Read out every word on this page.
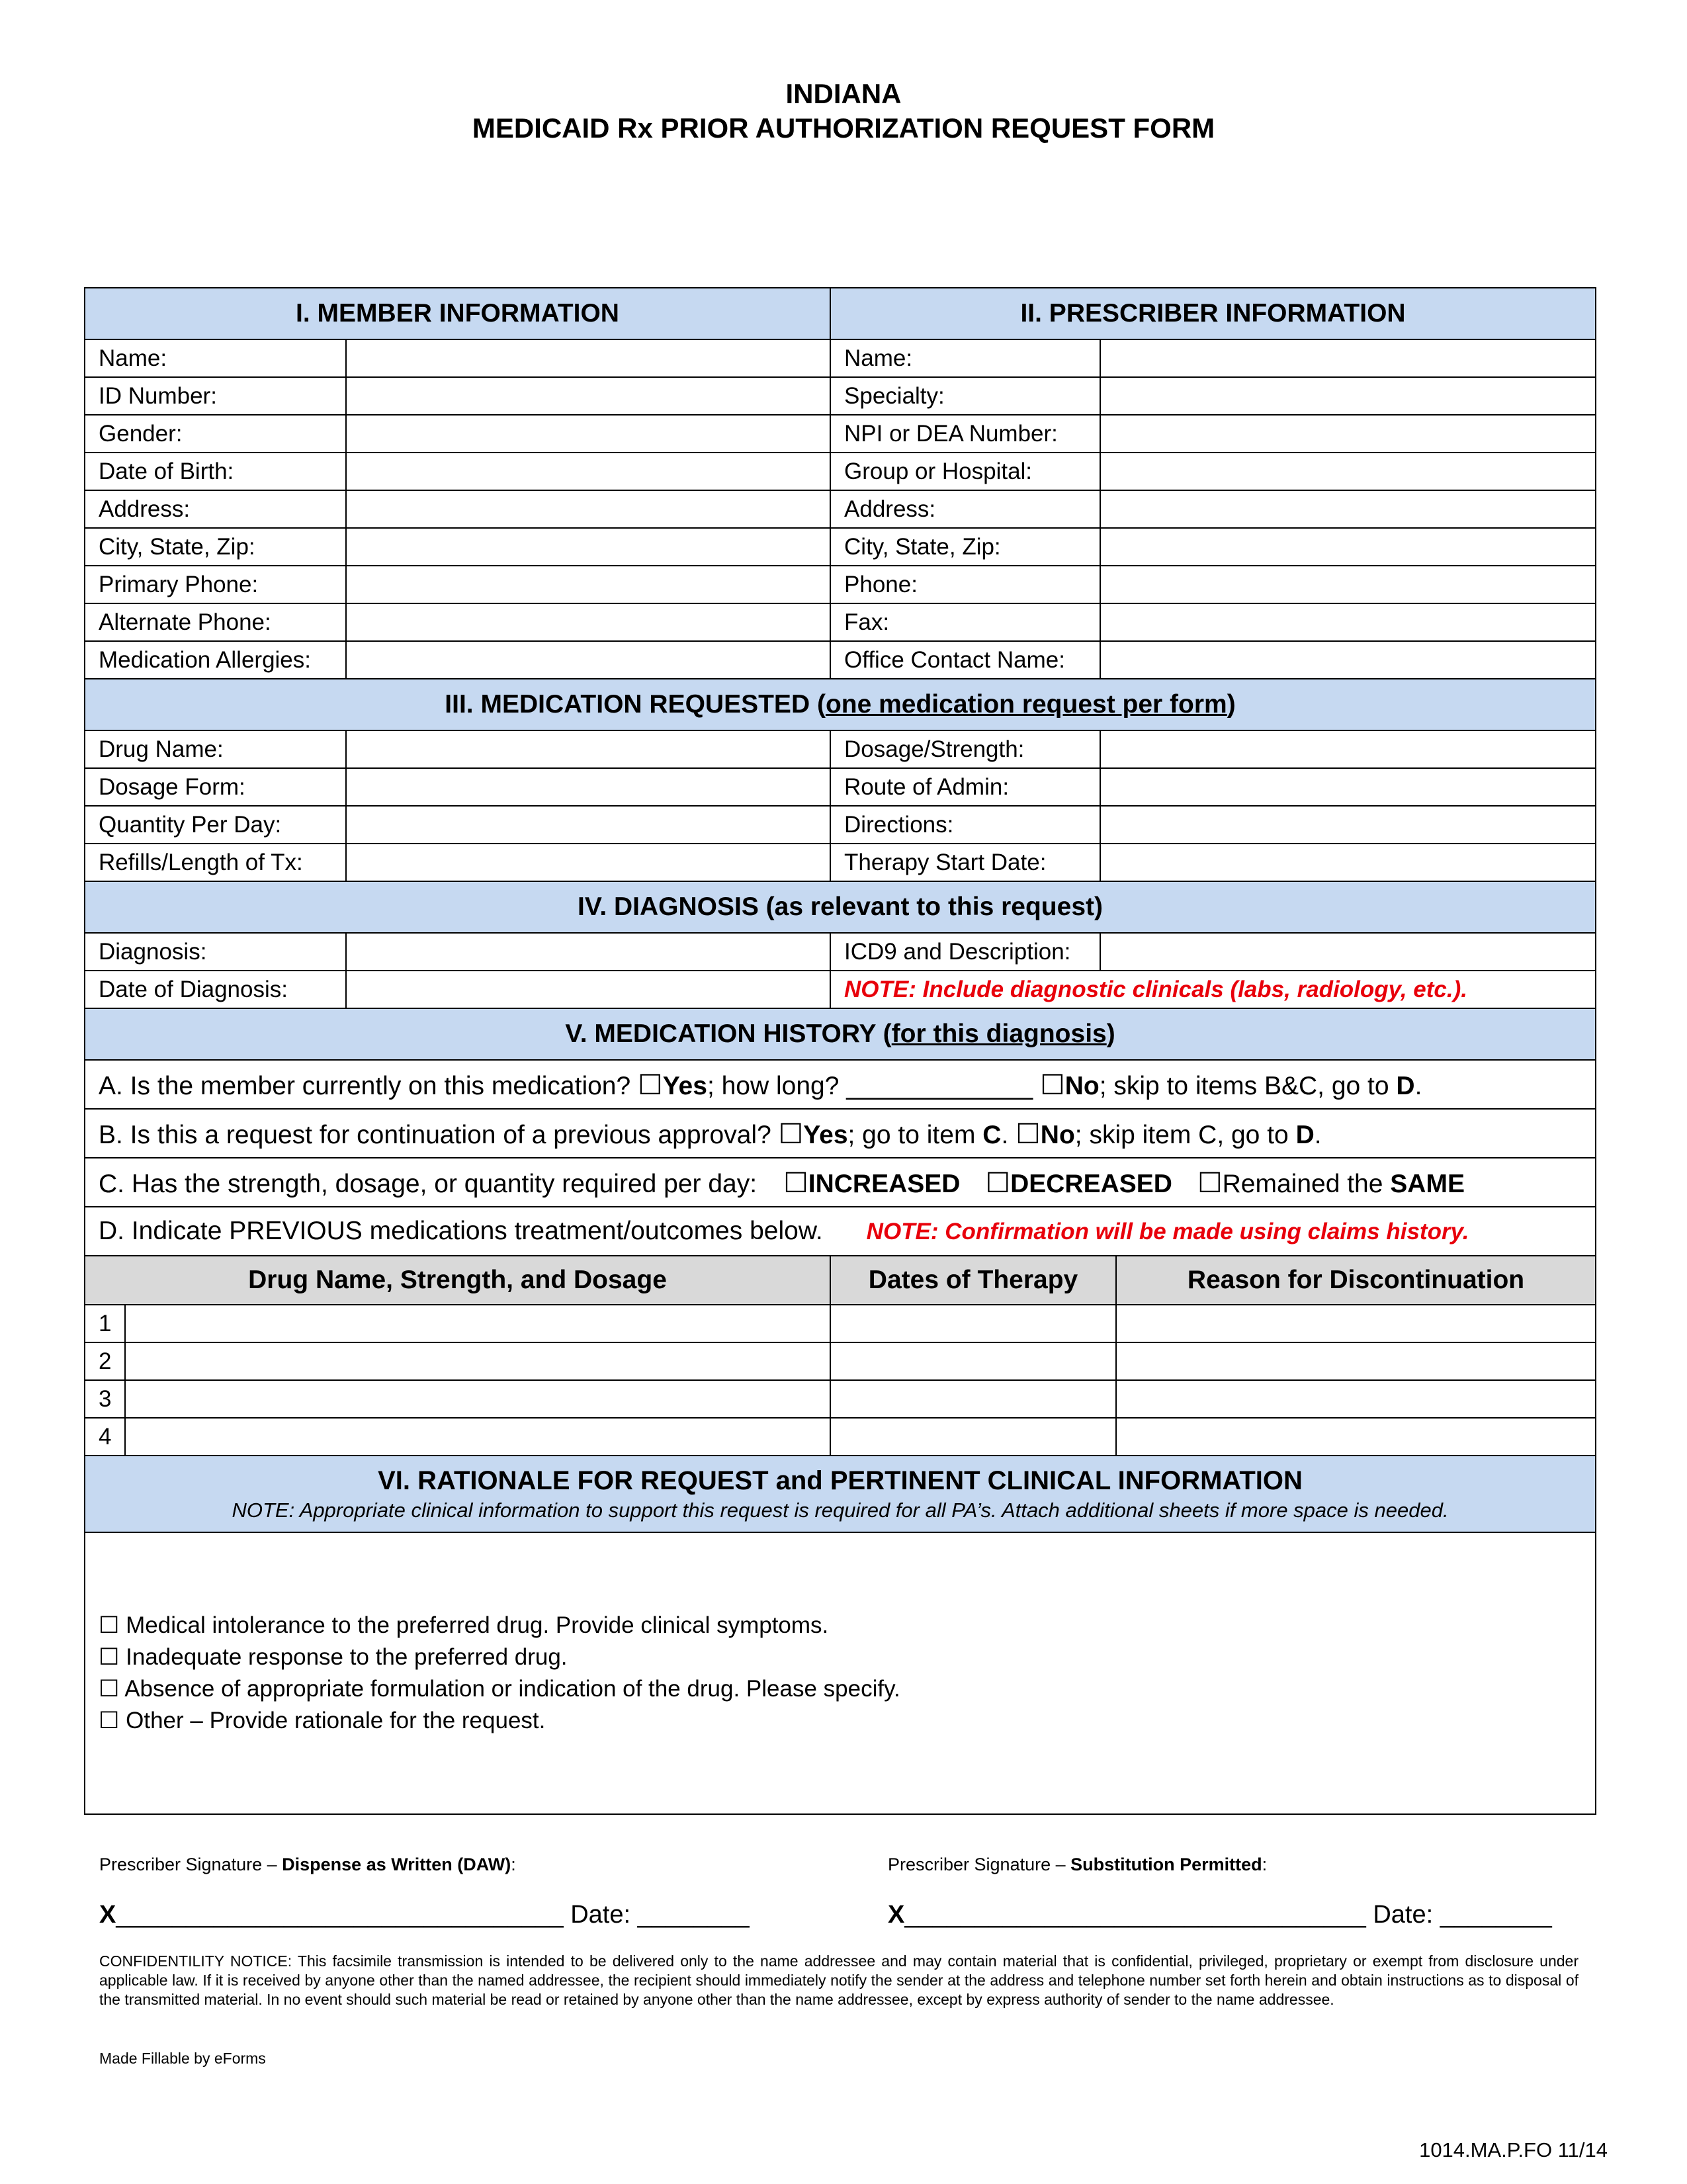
INDIANA
MEDICAID Rx PRIOR AUTHORIZATION REQUEST FORM
I. MEMBER INFORMATION			II. PRESCRIBER INFORMATION		
Name:			Name:		
ID Number:			Specialty:		
Gender:			NPI or DEA Number:		
Date of Birth:			Group or Hospital:		
Address:			Address:		
City, State, Zip:			City, State, Zip:		
Primary Phone:			Phone:		
Alternate Phone:			Fax:		
Medication Allergies:			Office Contact Name:		
III. MEDICATION REQUESTED (one medication request per form)					
Drug Name:			Dosage/Strength:		
Dosage Form:			Route of Admin:		
Quantity Per Day:			Directions:		
Refills/Length of Tx:			Therapy Start Date:		
IV. DIAGNOSIS (as relevant to this request)					
Diagnosis:			ICD9 and Description:		
Date of Diagnosis:			NOTE: Include diagnostic clinicals (labs, radiology, etc.).		
V. MEDICATION HISTORY (for this diagnosis)					
A. Is the member currently on this medication? ☐Yes; how long? _____________ ☐No; skip to items B&C, go to D.					
B. Is this a request for continuation of a previous approval? ☐Yes; go to item C. ☐No; skip item C, go to D.					
C. Has the strength, dosage, or quantity required per day: ☐INCREASED ☐DECREASED ☐Remained the SAME					
D. Indicate PREVIOUS medications treatment/outcomes below. NOTE: Confirmation will be made using claims history.					
Drug Name, Strength, and Dosage			Dates of Therapy		Reason for Discontinuation
1					
2					
3					
4					

VI. RATIONALE FOR REQUEST and PERTINENT CLINICAL INFORMATION
NOTE: Appropriate clinical information to support this request is required for all PA’s. Attach additional sheets if more space is needed.					

☐ Medical intolerance to the preferred drug. Provide clinical symptoms.
☐ Inadequate response to the preferred drug.
☐ Absence of appropriate formulation or indication of the drug. Please specify.
☐ Other – Provide rationale for the request.					
Prescriber Signature – Dispense as Written (DAW):	Prescriber Signature – Substitution Permitted:
X________________________________ Date: ________	X_________________________________ Date: ________
CONFIDENTILITY NOTICE: This facsimile transmission is intended to be delivered only to the name addressee and may contain material that is confidential, privileged, proprietary or exempt from disclosure under applicable law. If it is received by anyone other than the named addressee, the recipient should immediately notify the sender at the address and telephone number set forth herein and obtain instructions as to disposal of the transmitted material. In no event should such material be read or retained by anyone other than the name addressee, except by express authority of sender to the name addressee.
Made Fillable by eForms
1014.MA.P.FO 11/14
